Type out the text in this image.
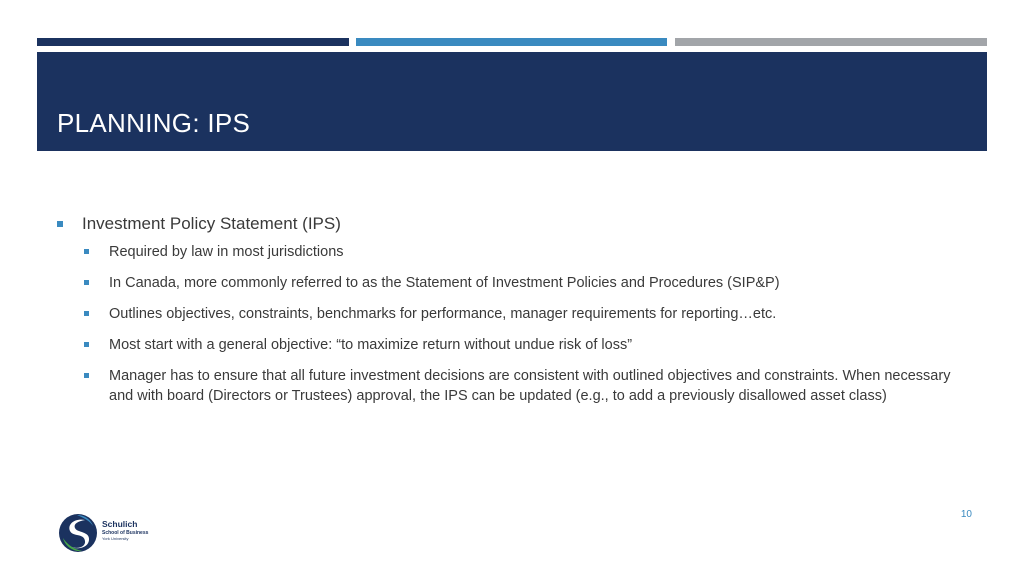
PLANNING: IPS
Investment Policy Statement (IPS)
Required by law in most jurisdictions
In Canada, more commonly referred to as the Statement of Investment Policies and Procedures (SIP&P)
Outlines objectives, constraints, benchmarks for performance, manager requirements for reporting…etc.
Most start with a general objective: “to maximize return without undue risk of loss”
Manager has to ensure that all future investment decisions are consistent with outlined objectives and constraints. When necessary and with board (Directors or Trustees) approval, the IPS can be updated (e.g., to add a previously disallowed asset class)
10
Schulich
School of Business
York University
